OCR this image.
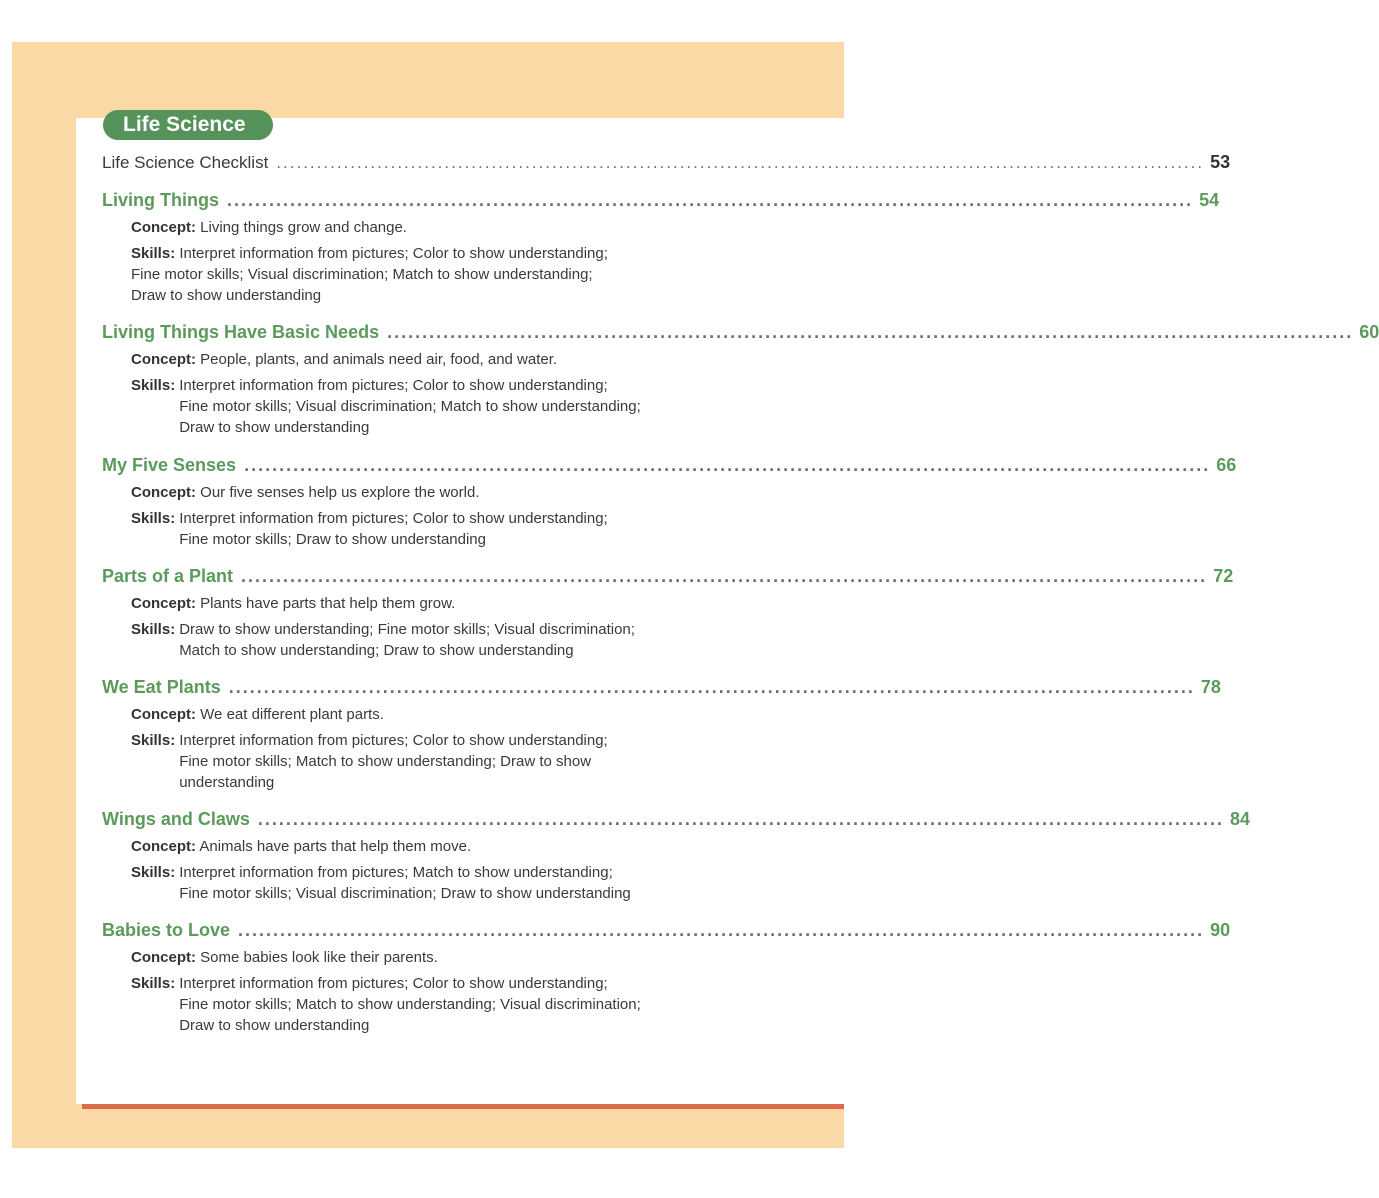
Life Science
Life Science Checklist .......................................................................................................................................... 53
Living Things .......................................................................................................................................... 54
Concept: Living things grow and change.
Skills: Interpret information from pictures; Color to show understanding;
Fine motor skills; Visual discrimination; Match to show understanding;
Draw to show understanding
Living Things Have Basic Needs .......................................................................................................................................... 60
Concept: People, plants, and animals need air, food, and water.
Skills: Interpret information from pictures; Color to show understanding;
Fine motor skills; Visual discrimination; Match to show understanding;
Draw to show understanding
My Five Senses .......................................................................................................................................... 66
Concept: Our five senses help us explore the world.
Skills: Interpret information from pictures; Color to show understanding;
Fine motor skills; Draw to show understanding
Parts of a Plant .......................................................................................................................................... 72
Concept: Plants have parts that help them grow.
Skills: Draw to show understanding; Fine motor skills; Visual discrimination;
Match to show understanding; Draw to show understanding
We Eat Plants .......................................................................................................................................... 78
Concept: We eat different plant parts.
Skills: Interpret information from pictures; Color to show understanding;
Fine motor skills; Match to show understanding; Draw to show
understanding
Wings and Claws .......................................................................................................................................... 84
Concept: Animals have parts that help them move.
Skills: Interpret information from pictures; Match to show understanding;
Fine motor skills; Visual discrimination; Draw to show understanding
Babies to Love .......................................................................................................................................... 90
Concept: Some babies look like their parents.
Skills: Interpret information from pictures; Color to show understanding;
Fine motor skills; Match to show understanding; Visual discrimination;
Draw to show understanding
